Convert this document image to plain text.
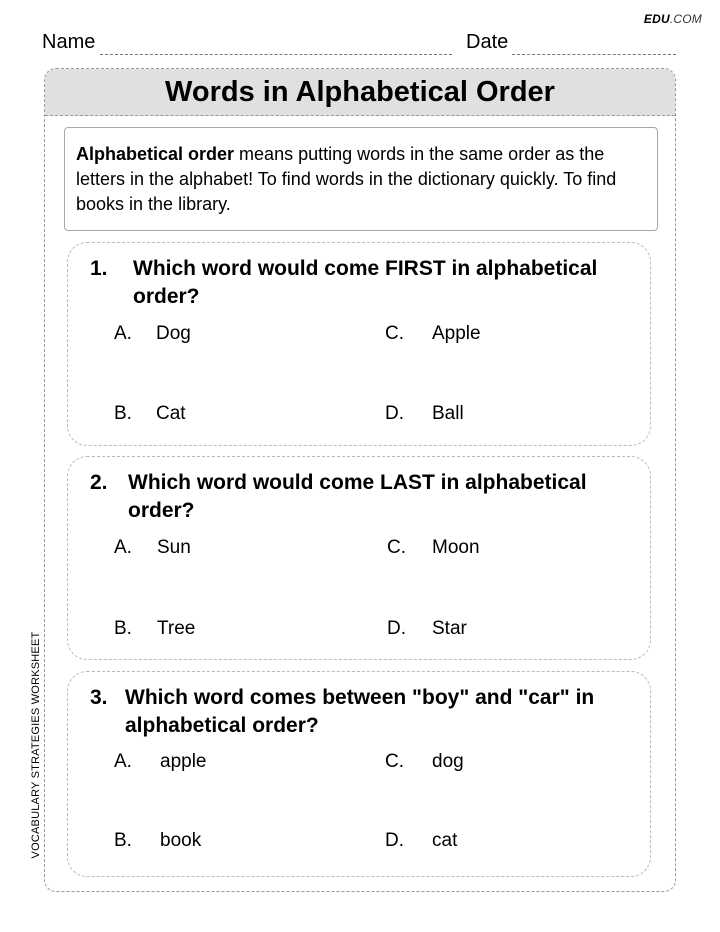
EDU.COM
Name	Date
VOCABULARY STRATEGIES WORKSHEET
Words in Alphabetical Order
Alphabetical order means putting words in the same order as the letters in the alphabet! To find words in the dictionary quickly. To find books in the library.
1.	Which word would come FIRST in alphabetical order?
A. Dog
B. Cat
C. Apple
D. Ball
2. Which word would come LAST in alphabetical order?
A. Sun
B. Tree
C. Moon
D. Star
3. Which word comes between "boy" and "car" in alphabetical order?
A. apple
B. book
C. dog
D. cat
